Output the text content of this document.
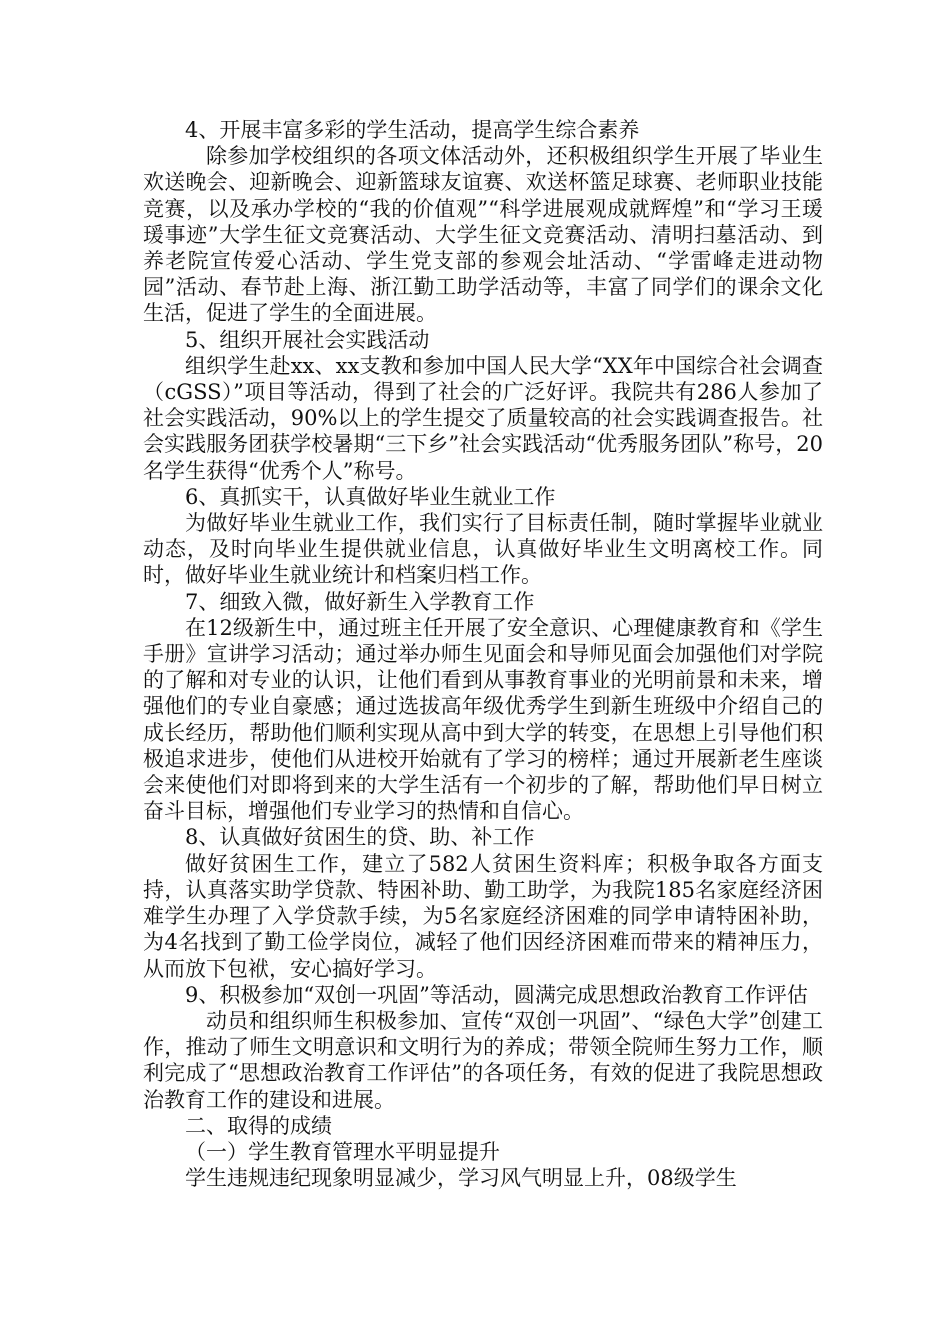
4、开展丰富多彩的学生活动，提高学生综合素养

除参加学校组织的各项文体活动外，还积极组织学生开展了毕业生欢送晚会、迎新晚会、迎新篮球友谊赛、欢送杯篮足球赛、老师职业技能竞赛，以及承办学校的“我的价值观”“科学进展观成就辉煌”和“学习王瑗瑗事迹”大学生征文竞赛活动、大学生征文竞赛活动、清明扫墓活动、到养老院宣传爱心活动、学生党支部的参观会址活动、“学雷峰走进动物园”活动、春节赴上海、浙江勤工助学活动等，丰富了同学们的课余文化生活，促进了学生的全面进展。

5、组织开展社会实践活动

组织学生赴xx、xx支教和参加中国人民大学“XX年中国综合社会调查（cGSS）”项目等活动，得到了社会的广泛好评。我院共有286人参加了社会实践活动，90%以上的学生提交了质量较高的社会实践调查报告。社会实践服务团获学校暑期“三下乡”社会实践活动“优秀服务团队”称号，20名学生获得“优秀个人”称号。

6、真抓实干，认真做好毕业生就业工作

为做好毕业生就业工作，我们实行了目标责任制，随时掌握毕业就业动态，及时向毕业生提供就业信息，认真做好毕业生文明离校工作。同时，做好毕业生就业统计和档案归档工作。

7、细致入微，做好新生入学教育工作

在12级新生中，通过班主任开展了安全意识、心理健康教育和《学生手册》宣讲学习活动；通过举办师生见面会和导师见面会加强他们对学院的了解和对专业的认识，让他们看到从事教育事业的光明前景和未来，增强他们的专业自豪感；通过选拔高年级优秀学生到新生班级中介绍自己的成长经历，帮助他们顺利实现从高中到大学的转变，在思想上引导他们积极追求进步，使他们从进校开始就有了学习的榜样；通过开展新老生座谈会来使他们对即将到来的大学生活有一个初步的了解，帮助他们早日树立奋斗目标，增强他们专业学习的热情和自信心。

8、认真做好贫困生的贷、助、补工作

做好贫困生工作，建立了582人贫困生资料库；积极争取各方面支持，认真落实助学贷款、特困补助、勤工助学，为我院185名家庭经济困难学生办理了入学贷款手续，为5名家庭经济困难的同学申请特困补助，为4名找到了勤工俭学岗位，减轻了他们因经济困难而带来的精神压力，从而放下包袱，安心搞好学习。

9、积极参加“双创一巩固”等活动，圆满完成思想政治教育工作评估

动员和组织师生积极参加、宣传“双创一巩固”、“绿色大学”创建工作，推动了师生文明意识和文明行为的养成；带领全院师生努力工作，顺利完成了“思想政治教育工作评估”的各项任务，有效的促进了我院思想政治教育工作的建设和进展。

二、取得的成绩

（一）学生教育管理水平明显提升

学生违规违纪现象明显减少，学习风气明显上升，08级学生
